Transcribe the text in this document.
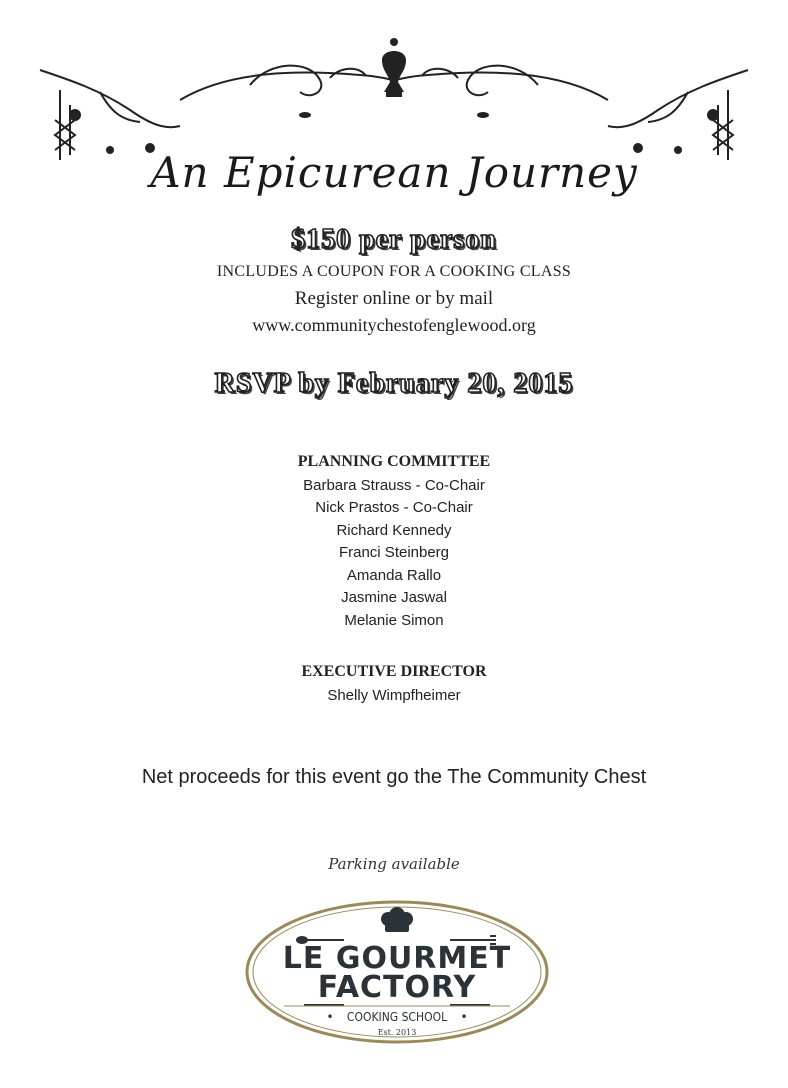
An Epicurean Journey
$150 per person
INCLUDES A COUPON FOR A COOKING CLASS
Register online or by mail
www.communitychestofenglewood.org
RSVP by February 20, 2015
PLANNING COMMITTEE
Barbara Strauss - Co-Chair
Nick Prastos - Co-Chair
Richard Kennedy
Franci Steinberg
Amanda Rallo
Jasmine Jaswal
Melanie Simon
EXECUTIVE DIRECTOR
Shelly Wimpfheimer
Net proceeds for this event go the The Community Chest
Parking available
LE GOURMET
FACTORY
COOKING SCHOOL
•	•
Est. 2013
